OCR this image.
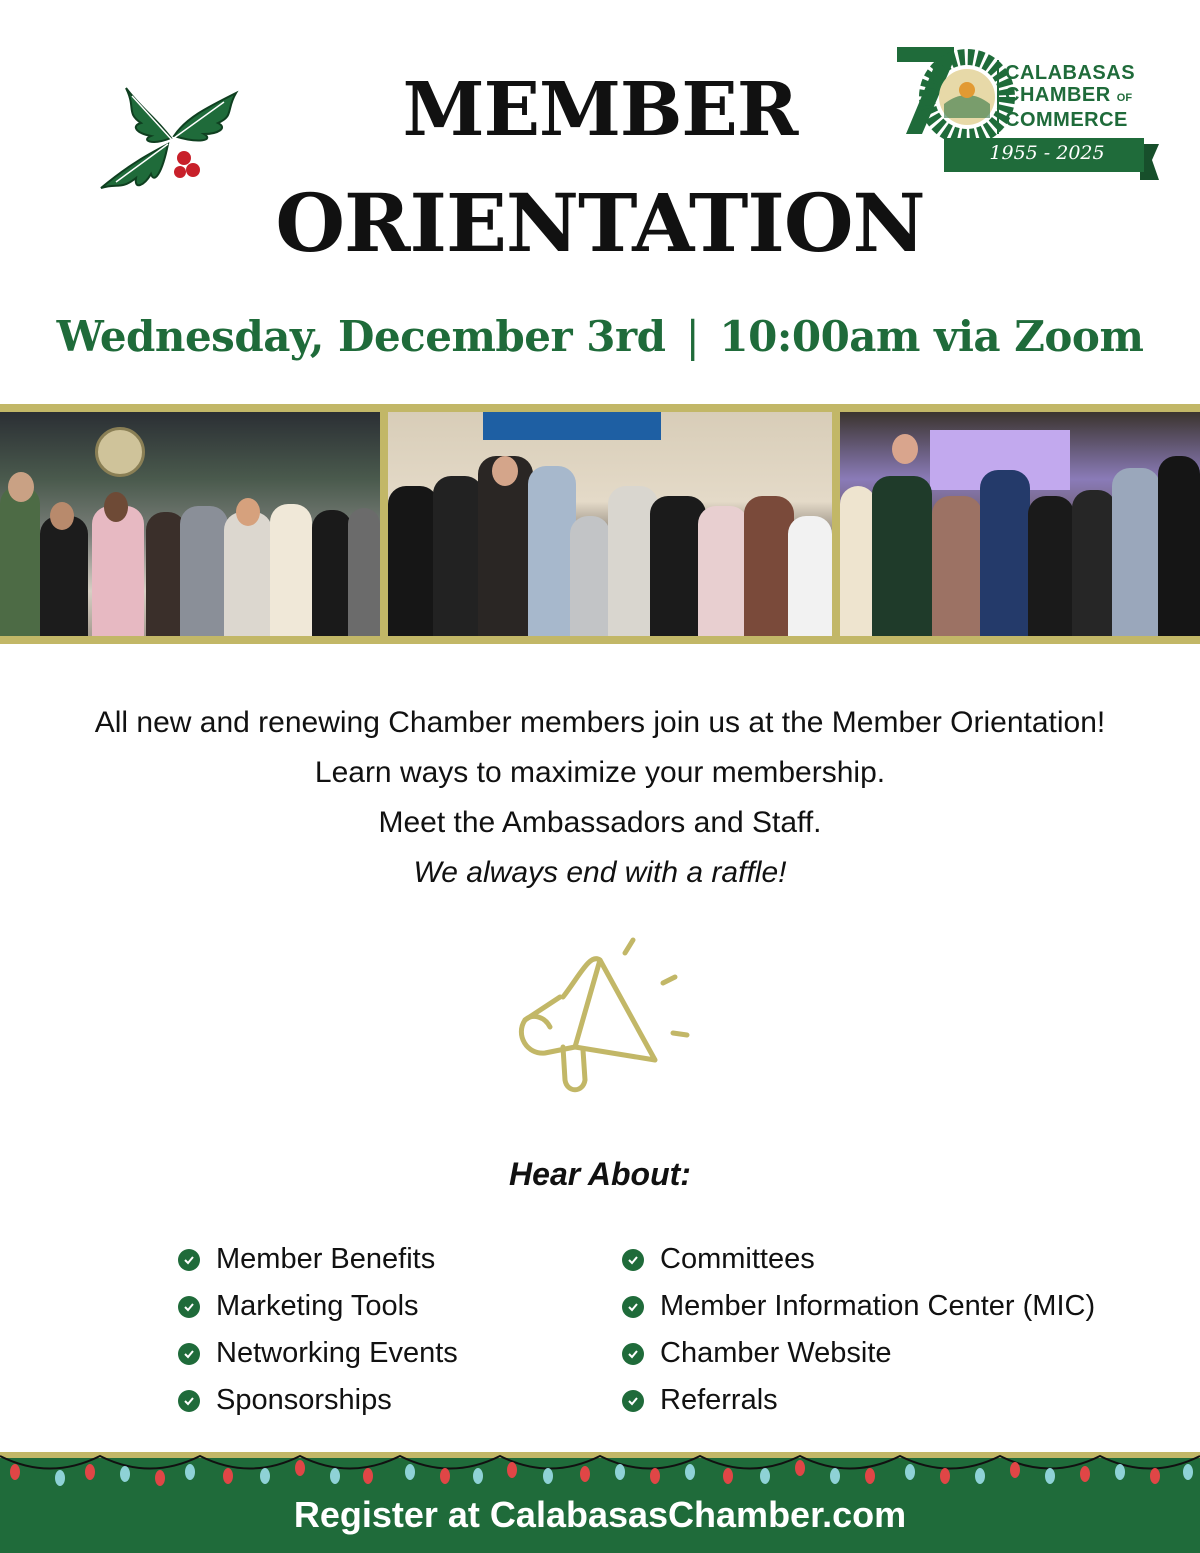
MEMBER
ORIENTATION
CALABASAS
CHAMBER OF
COMMERCE
1955 - 2025
Wednesday, December 3rd | 10:00am via Zoom
All new and renewing Chamber members join us at the Member Orientation!
Learn ways to maximize your membership.
Meet the Ambassadors and Staff.
We always end with a raffle!
Hear About:
Member Benefits
Marketing Tools
Networking Events
Sponsorships
Committees
Member Information Center (MIC)
Chamber Website
Referrals
Register at CalabasasChamber.com
